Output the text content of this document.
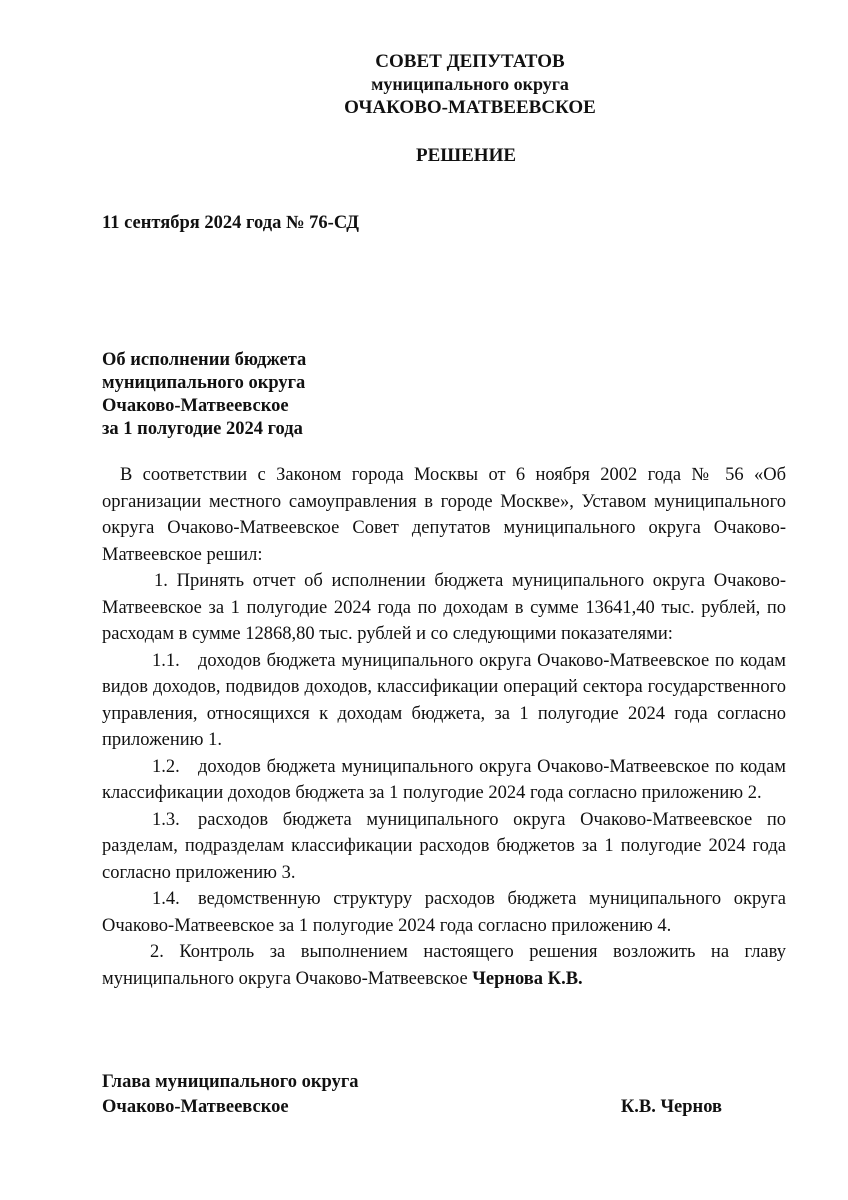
СОВЕТ ДЕПУТАТОВ
муниципального округа
ОЧАКОВО-МАТВЕЕВСКОЕ
РЕШЕНИЕ
11 сентября 2024 года № 76-СД
Об исполнении бюджета
муниципального округа
Очаково-Матвеевское
за 1 полугодие 2024 года

В соответствии с Законом города Москвы от 6 ноября 2002 года № 56 «Об организации местного самоуправления в городе Москве», Уставом муниципального округа Очаково-Матвеевское Совет депутатов муниципального округа Очаково-Матвеевское решил:

1. Принять отчет об исполнении бюджета муниципального округа Очаково-Матвеевское за 1 полугодие 2024 года по доходам в сумме 13641,40 тыс. рублей, по расходам в сумме 12868,80 тыс. рублей и со следующими показателями:

1.1. доходов бюджета муниципального округа Очаково-Матвеевское по кодам видов доходов, подвидов доходов, классификации операций сектора государственного управления, относящихся к доходам бюджета, за 1 полугодие 2024 года согласно приложению 1.

1.2. доходов бюджета муниципального округа Очаково-Матвеевское по кодам классификации доходов бюджета за 1 полугодие 2024 года согласно приложению 2.

1.3. расходов бюджета муниципального округа Очаково-Матвеевское по разделам, подразделам классификации расходов бюджетов за 1 полугодие 2024 года согласно приложению 3.

1.4. ведомственную структуру расходов бюджета муниципального округа Очаково-Матвеевское за 1 полугодие 2024 года согласно приложению 4.

2. Контроль за выполнением настоящего решения возложить на главу муниципального округа Очаково-Матвеевское Чернова К.В.

Глава муниципального округа
Очаково-Матвеевское	К.В. Чернов
